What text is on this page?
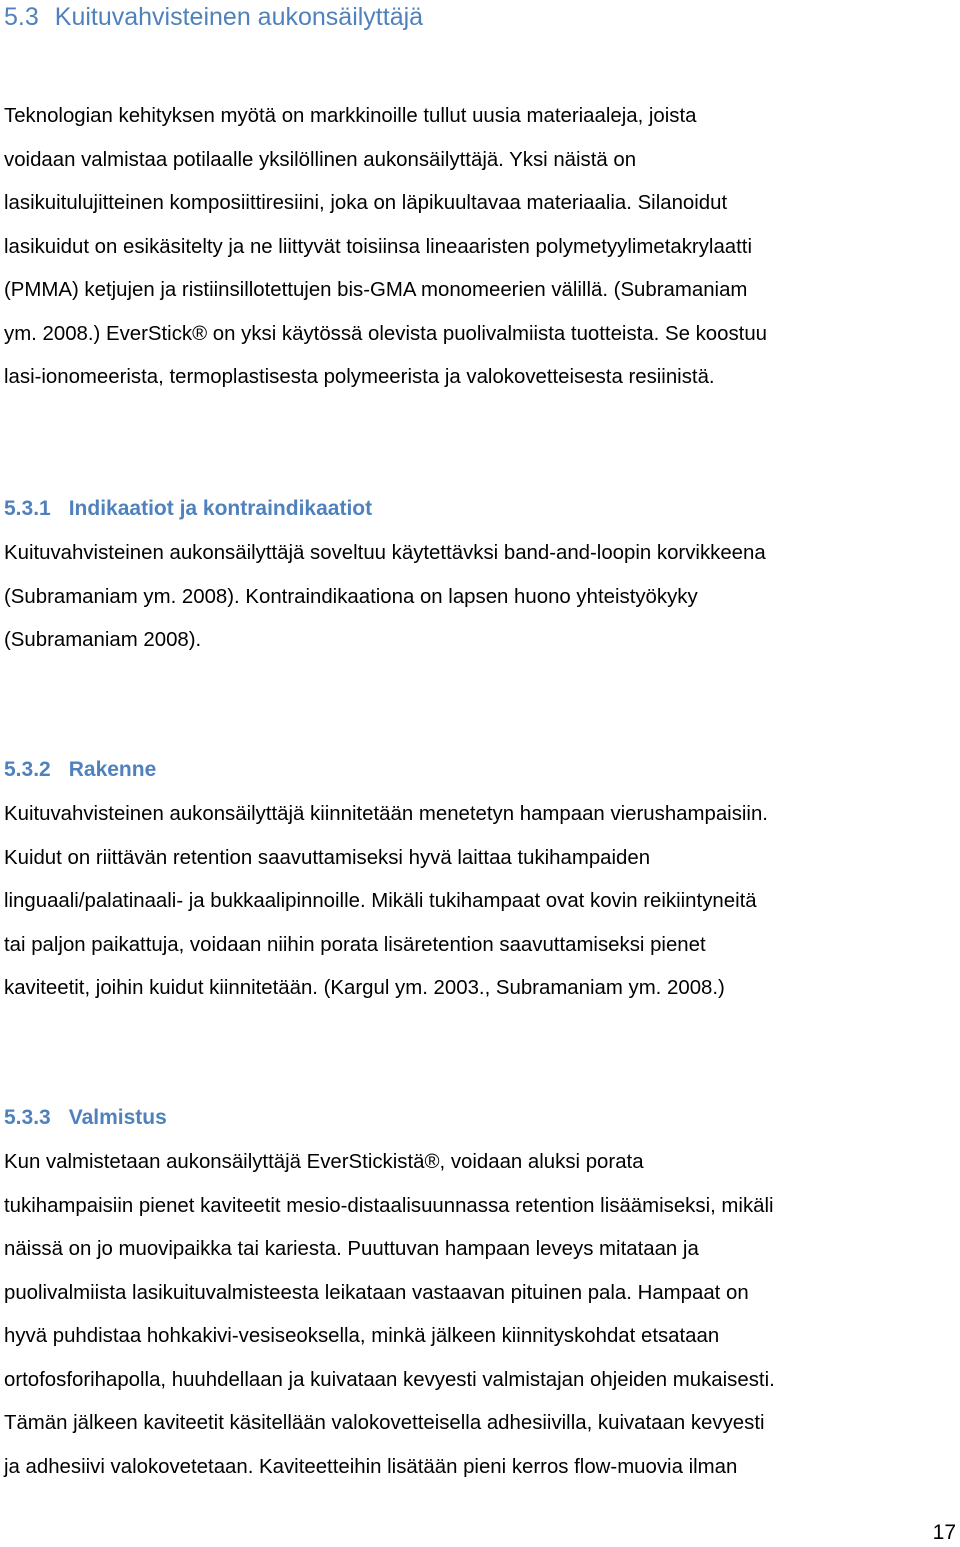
5.3 Kuituvahvisteinen aukonsäilyttäjä
Teknologian kehityksen myötä on markkinoille tullut uusia materiaaleja, joista
voidaan valmistaa potilaalle yksilöllinen aukonsäilyttäjä. Yksi näistä on
lasikuitulujitteinen komposiittiresiini, joka on läpikuultavaa materiaalia. Silanoidut
lasikuidut on esikäsitelty ja ne liittyvät toisiinsa lineaaristen polymetyylimetakrylaatti
(PMMA) ketjujen ja ristiinsillotettujen bis-GMA monomeerien välillä. (Subramaniam
ym. 2008.) EverStick® on yksi käytössä olevista puolivalmiista tuotteista. Se koostuu
lasi-ionomeerista, termoplastisesta polymeerista ja valokovetteisesta resiinistä.
5.3.1 Indikaatiot ja kontraindikaatiot
Kuituvahvisteinen aukonsäilyttäjä soveltuu käytettävksi band-and-loopin korvikkeena
(Subramaniam ym. 2008). Kontraindikaationa on lapsen huono yhteistyökyky
(Subramaniam 2008).
5.3.2 Rakenne
Kuituvahvisteinen aukonsäilyttäjä kiinnitetään menetetyn hampaan vierushampaisiin.
Kuidut on riittävän retention saavuttamiseksi hyvä laittaa tukihampaiden
linguaali/palatinaali- ja bukkaalipinnoille. Mikäli tukihampaat ovat kovin reikiintyneitä
tai paljon paikattuja, voidaan niihin porata lisäretention saavuttamiseksi pienet
kaviteetit, joihin kuidut kiinnitetään. (Kargul ym. 2003., Subramaniam ym. 2008.)
5.3.3 Valmistus
Kun valmistetaan aukonsäilyttäjä EverStickistä®, voidaan aluksi porata
tukihampaisiin pienet kaviteetit mesio-distaalisuunnassa retention lisäämiseksi, mikäli
näissä on jo muovipaikka tai kariesta. Puuttuvan hampaan leveys mitataan ja
puolivalmiista lasikuituvalmisteesta leikataan vastaavan pituinen pala. Hampaat on
hyvä puhdistaa hohkakivi-vesiseoksella, minkä jälkeen kiinnityskohdat etsataan
ortofosforihapolla, huuhdellaan ja kuivataan kevyesti valmistajan ohjeiden mukaisesti.
Tämän jälkeen kaviteetit käsitellään valokovetteisella adhesiivilla, kuivataan kevyesti
ja adhesiivi valokovetetaan. Kaviteetteihin lisätään pieni kerros flow-muovia ilman
17
